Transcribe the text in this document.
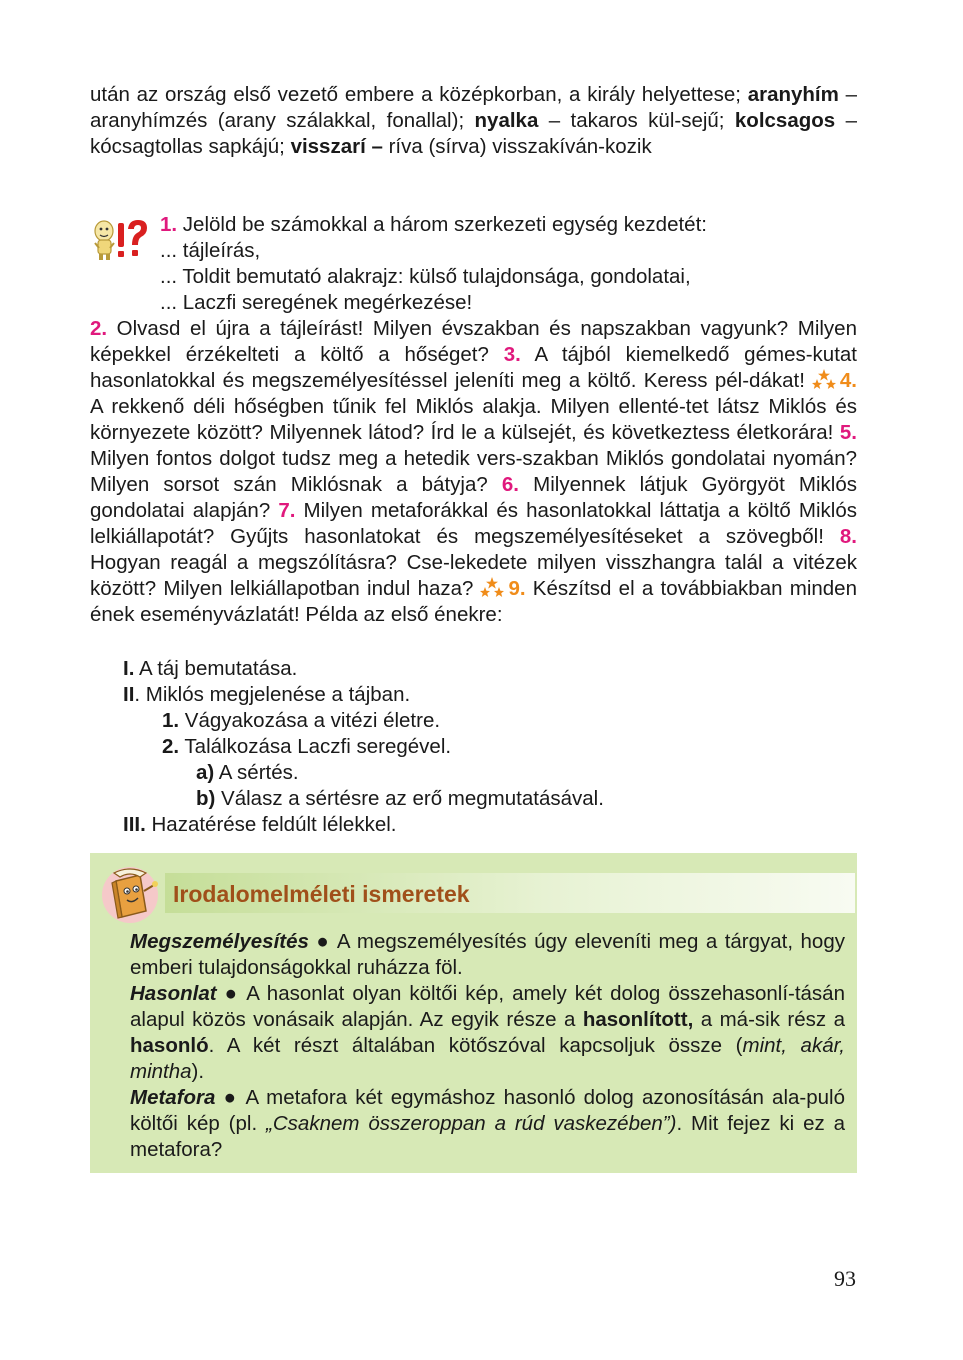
után az ország első vezető embere a középkorban, a király helyettese; aranyhím – aranyhímzés (arany szálakkal, fonallal); nyalka – takaros kül-sejű; kolcsagos – kócsagtollas sapkájú; visszarí – ríva (sírva) visszakíván-kozik

1. Jelöld be számokkal a három szerkezeti egység kezdetét:

... tájleírás,

... Toldit bemutató alakrajz: külső tulajdonsága, gondolatai,

... Laczfi seregének megérkezése!

2. Olvasd el újra a tájleírást! Milyen évszakban és napszakban vagyunk? Milyen képekkel érzékelteti a költő a hőséget? 3. A tájból kiemelkedő gémes-kutat hasonlatokkal és megszemélyesítéssel jeleníti meg a költő. Keress pél-dákat! 4. A rekkenő déli hőségben tűnik fel Miklós alakja. Milyen ellenté-tet látsz Miklós és környezete között? Milyennek látod? Írd le a külsejét, és következtess életkorára! 5. Milyen fontos dolgot tudsz meg a hetedik vers-szakban Miklós gondolatai nyomán? Milyen sorsot szán Miklósnak a bátyja? 6. Milyennek látjuk Györgyöt Miklós gondolatai alapján? 7. Milyen metaforákkal és hasonlatokkal láttatja a költő Miklós lelkiállapotát? Gyűjts hasonlatokat és megszemélyesítéseket a szövegből! 8. Hogyan reagál a megszólításra? Cse-lekedete milyen visszhangra talál a vitézek között? Milyen lelkiállapotban indul haza? 9. Készítsd el a továbbiakban minden ének eseményvázlatát! Példa az első énekre:

I. A táj bemutatása.

II. Miklós megjelenése a tájban.

1. Vágyakozása a vitézi életre.

2. Találkozása Laczfi seregével.

a) A sértés.

b) Válasz a sértésre az erő megmutatásával.

III. Hazatérése feldúlt lélekkel.

Irodalomelméleti ismeretek

Megszemélyesítés ● A megszemélyesítés úgy eleveníti meg a tárgyat, hogy emberi tulajdonságokkal ruházza föl.

Hasonlat ● A hasonlat olyan költői kép, amely két dolog összehasonlí-tásán alapul közös vonásaik alapján. Az egyik része a hasonlított, a má-sik rész a hasonló. A két részt általában kötőszóval kapcsoljuk össze (mint, akár, mintha).

Metafora ● A metafora két egymáshoz hasonló dolog azonosításán ala-puló költői kép (pl. „Csaknem összeroppan a rúd vaskezében”). Mit fejez ki ez a metafora?

93
